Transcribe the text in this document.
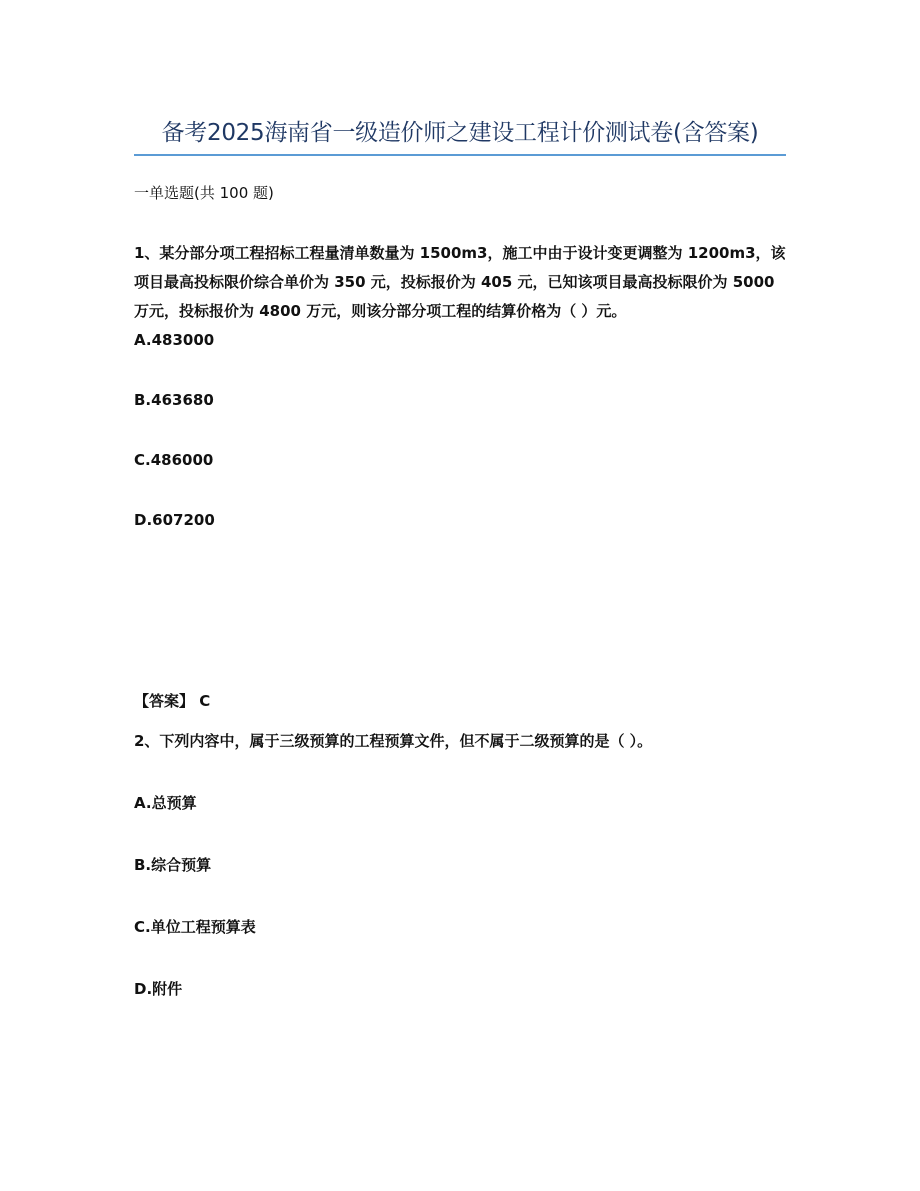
备考2025海南省一级造价师之建设工程计价测试卷(含答案)
一单选题(共 100 题)
1、某分部分项工程招标工程量清单数量为 1500m3，施工中由于设计变更调整为 1200m3，该项目最高投标限价综合单价为 350 元，投标报价为 405 元，已知该项目最高投标限价为 5000 万元，投标报价为 4800 万元，则该分部分项工程的结算价格为（ ）元。
A.483000
B.463680
C.486000
D.607200
【答案】 C
2、下列内容中，属于三级预算的工程预算文件，但不属于二级预算的是（ ）。
A.总预算
B.综合预算
C.单位工程预算表
D.附件
